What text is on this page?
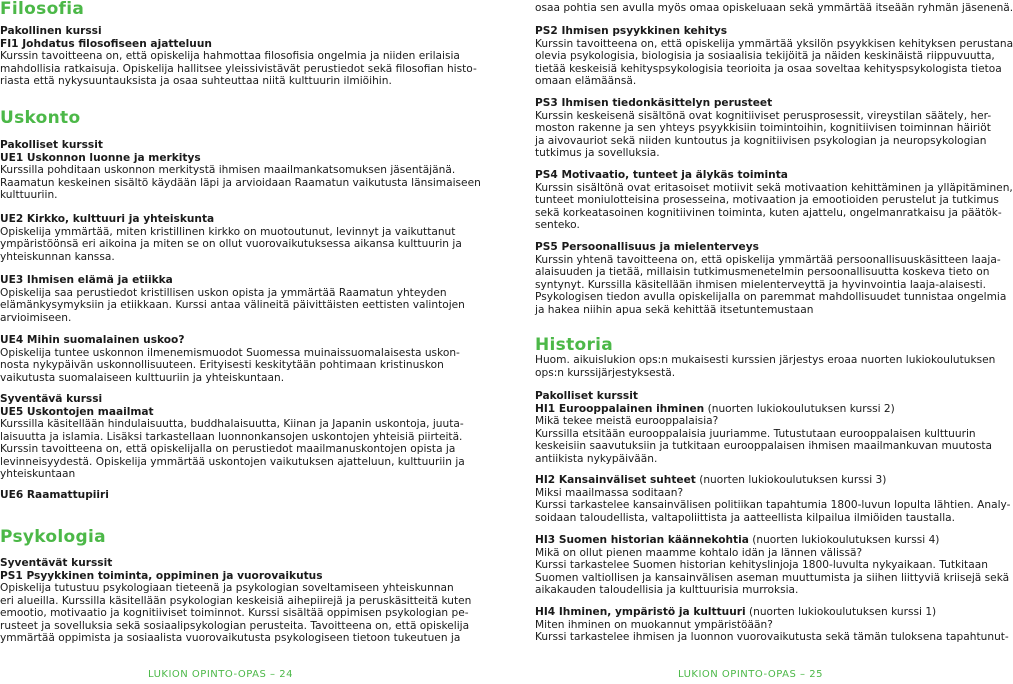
Filosofia
Pakollinen kurssi
FI1 Johdatus filosofiseen ajatteluun
Kurssin tavoitteena on, että opiskelija hahmottaa filosofisia ongelmia ja niiden erilaisia
mahdollisia ratkaisuja. Opiskelija hallitsee yleissivistävät perustiedot sekä filosofian histo-
riasta että nykysuuntauksista ja osaa suhteuttaa niitä kulttuurin ilmiöihin.
Uskonto
Pakolliset kurssit
UE1 Uskonnon luonne ja merkitys
Kurssilla pohditaan uskonnon merkitystä ihmisen maailmankatsomuksen jäsentäjänä.
Raamatun keskeinen sisältö käydään läpi ja arvioidaan Raamatun vaikutusta länsimaiseen
kulttuuriin.
UE2 Kirkko, kulttuuri ja yhteiskunta
Opiskelija ymmärtää, miten kristillinen kirkko on muotoutunut, levinnyt ja vaikuttanut
ympäristöönsä eri aikoina ja miten se on ollut vuorovaikutuksessa aikansa kulttuurin ja
yhteiskunnan kanssa.
UE3 Ihmisen elämä ja etiikka
Opiskelija saa perustiedot kristillisen uskon opista ja ymmärtää Raamatun yhteyden
elämänkysymyksiin ja etiikkaan. Kurssi antaa välineitä päivittäisten eettisten valintojen
arvioimiseen.
UE4 Mihin suomalainen uskoo?
Opiskelija tuntee uskonnon ilmenemismuodot Suomessa muinaissuomalaisesta uskon-
nosta nykypäivän uskonnollisuuteen. Erityisesti keskitytään pohtimaan kristinuskon
vaikutusta suomalaiseen kulttuuriin ja yhteiskuntaan.
Syventävä kurssi
UE5 Uskontojen maailmat
Kurssilla käsitellään hindulaisuutta, buddhalaisuutta, Kiinan ja Japanin uskontoja, juuta-
laisuutta ja islamia. Lisäksi tarkastellaan luonnonkansojen uskontojen yhteisiä piirteitä.
Kurssin tavoitteena on, että opiskelijalla on perustiedot maailmanuskontojen opista ja
levinneisyydestä. Opiskelija ymmärtää uskontojen vaikutuksen ajatteluun, kulttuuriin ja
yhteiskuntaan
UE6 Raamattupiiri
Psykologia
Syventävät kurssit
PS1 Psyykkinen toiminta, oppiminen ja vuorovaikutus
Opiskelija tutustuu psykologiaan tieteenä ja psykologian soveltamiseen yhteiskunnan
eri alueilla. Kurssilla käsitellään psykologian keskeisiä aihepiirejä ja peruskäsitteitä kuten
emootio, motivaatio ja kognitiiviset toiminnot. Kurssi sisältää oppimisen psykologian pe-
rusteet ja sovelluksia sekä sosiaalipsykologian perusteita. Tavoitteena on, että opiskelija
ymmärtää oppimista ja sosiaalista vuorovaikutusta psykologiseen tietoon tukeutuen ja
LUKION OPINTO-OPAS – 24
osaa pohtia sen avulla myös omaa opiskeluaan sekä ymmärtää itseään ryhmän jäsenenä.
PS2 Ihmisen psyykkinen kehitys
Kurssin tavoitteena on, että opiskelija ymmärtää yksilön psyykkisen kehityksen perustana
olevia psykologisia, biologisia ja sosiaalisia tekijöitä ja näiden keskinäistä riippuvuutta,
tietää keskeisiä kehityspsykologisia teorioita ja osaa soveltaa kehityspsykologista tietoa
omaan elämäänsä.
PS3 Ihmisen tiedonkäsittelyn perusteet
Kurssin keskeisenä sisältönä ovat kognitiiviset perusprosessit, vireystilan säätely, her-
moston rakenne ja sen yhteys psyykkisiin toimintoihin, kognitiivisen toiminnan häiriöt
ja aivovauriot sekä niiden kuntoutus ja kognitiivisen psykologian ja neuropsykologian
tutkimus ja sovelluksia.
PS4 Motivaatio, tunteet ja älykäs toiminta
Kurssin sisältönä ovat eritasoiset motiivit sekä motivaation kehittäminen ja ylläpitäminen,
tunteet moniulotteisina prosesseina, motivaation ja emootioiden perustelut ja tutkimus
sekä korkeatasoinen kognitiivinen toiminta, kuten ajattelu, ongelmanratkaisu ja päätök-
senteko.
PS5 Persoonallisuus ja mielenterveys
Kurssin yhtenä tavoitteena on, että opiskelija ymmärtää persoonallisuuskäsitteen laaja-
alaisuuden ja tietää, millaisin tutkimusmenetelmin persoonallisuutta koskeva tieto on
syntynyt. Kurssilla käsitellään ihmisen mielenterveyttä ja hyvinvointia laaja-alaisesti.
Psykologisen tiedon avulla opiskelijalla on paremmat mahdollisuudet tunnistaa ongelmia
ja hakea niihin apua sekä kehittää itsetuntemustaan
Historia
Huom. aikuislukion ops:n mukaisesti kurssien järjestys eroaa nuorten lukiokoulutuksen
ops:n kurssijärjestyksestä.
Pakolliset kurssit
HI1 Eurooppalainen ihminen (nuorten lukiokoulutuksen kurssi 2)
Mikä tekee meistä eurooppalaisia?
Kurssilla etsitään eurooppalaisia juuriamme. Tutustutaan eurooppalaisen kulttuurin
keskeisiin saavutuksiin ja tutkitaan eurooppalaisen ihmisen maailmankuvan muutosta
antiikista nykypäivään.
HI2 Kansainväliset suhteet (nuorten lukiokoulutuksen kurssi 3)
Miksi maailmassa soditaan?
Kurssi tarkastelee kansainvälisen politiikan tapahtumia 1800-luvun lopulta lähtien. Analy-
soidaan taloudellista, valtapoliittista ja aatteellista kilpailua ilmiöiden taustalla.
HI3 Suomen historian käännekohtia (nuorten lukiokoulutuksen kurssi 4)
Mikä on ollut pienen maamme kohtalo idän ja lännen välissä?
Kurssi tarkastelee Suomen historian kehityslinjoja 1800-luvulta nykyaikaan. Tutkitaan
Suomen valtiollisen ja kansainvälisen aseman muuttumista ja siihen liittyviä kriisejä sekä
aikakauden taloudellisia ja kulttuurisia murroksia.
HI4 Ihminen, ympäristö ja kulttuuri (nuorten lukiokoulutuksen kurssi 1)
Miten ihminen on muokannut ympäristöään?
Kurssi tarkastelee ihmisen ja luonnon vuorovaikutusta sekä tämän tuloksena tapahtunut-
LUKION OPINTO-OPAS – 25
